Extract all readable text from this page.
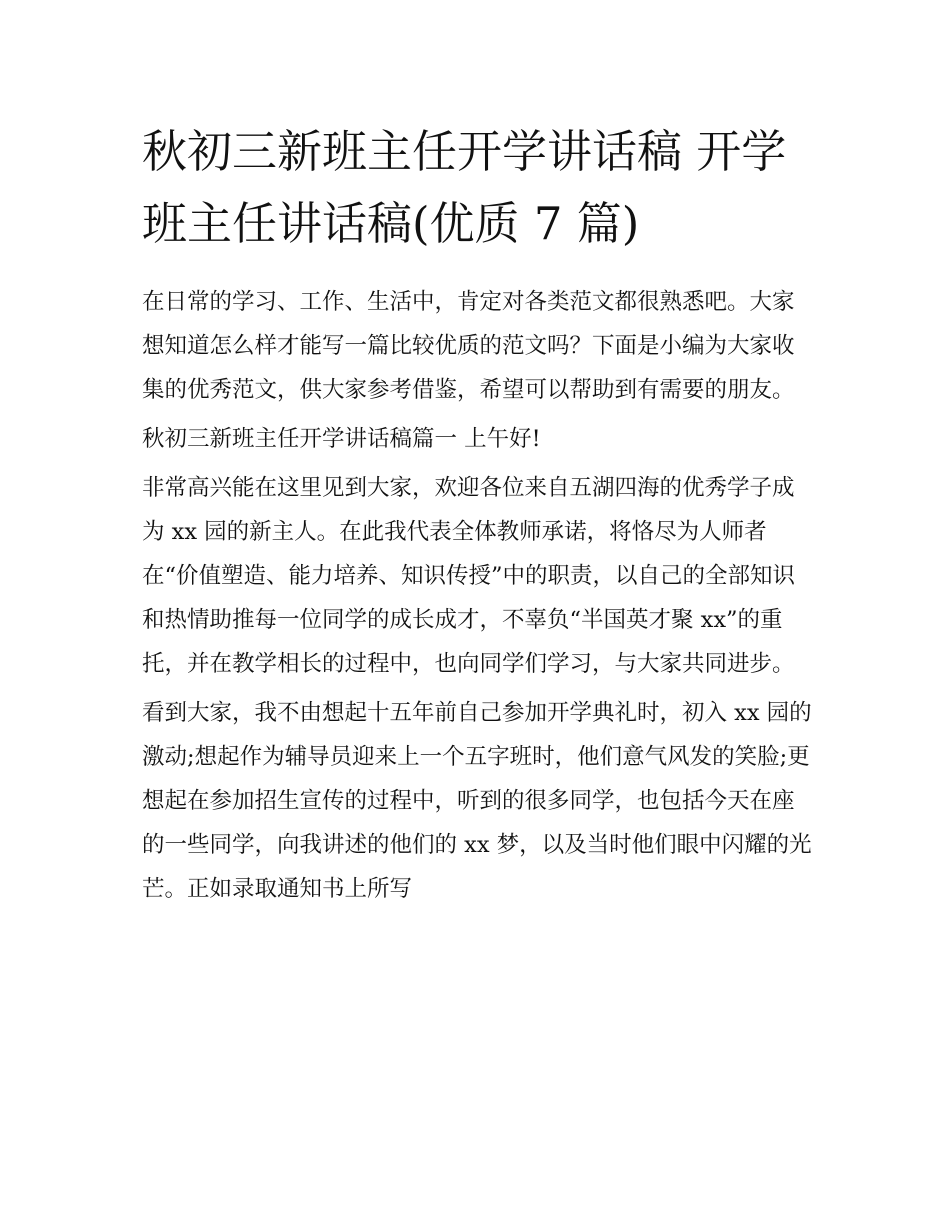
秋初三新班主任开学讲话稿 开学班主任讲话稿(优质 7 篇)

在日常的学习、工作、生活中，肯定对各类范文都很熟悉吧。大家想知道怎么样才能写一篇比较优质的范文吗？下面是小编为大家收集的优秀范文，供大家参考借鉴，希望可以帮助到有需要的朋友。

秋初三新班主任开学讲话稿篇一 上午好!

非常高兴能在这里见到大家，欢迎各位来自五湖四海的优秀学子成为 xx 园的新主人。在此我代表全体教师承诺，将恪尽为人师者在“价值塑造、能力培养、知识传授”中的职责，以自己的全部知识和热情助推每一位同学的成长成才，不辜负“半国英才聚 xx”的重托，并在教学相长的过程中，也向同学们学习，与大家共同进步。

看到大家，我不由想起十五年前自己参加开学典礼时，初入 xx 园的激动;想起作为辅导员迎来上一个五字班时，他们意气风发的笑脸;更想起在参加招生宣传的过程中，听到的很多同学，也包括今天在座的一些同学，向我讲述的他们的 xx 梦，以及当时他们眼中闪耀的光芒。正如录取通知书上所写
